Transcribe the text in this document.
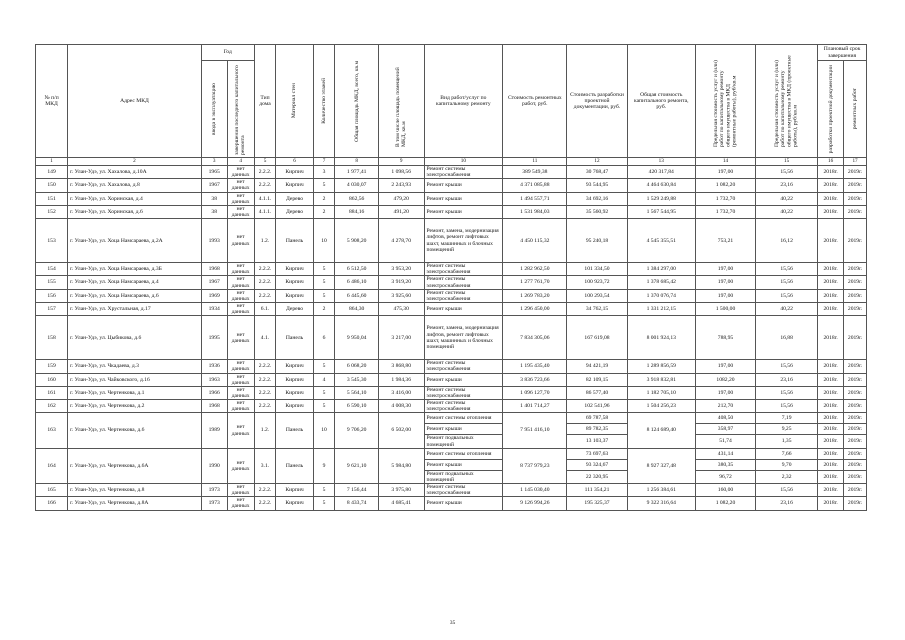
№ п/п МКД	Адрес МКД	Год		Тип дома	Материал стен	Количество этажей	Общая площадь МКД, всего, кв.м	В том числе площадь помещений МКД, кв.м	Вид работ/услуг по капитальному ремонту	Стоимость ремонтных работ, руб.	Стоимость разработки проектной документации, руб.	Общая стоимость капитального ремонта, руб.	Предельная стоимость услуг и (или) работ по капитальному ремонту общего имущества в МКД (ремонтные работы), руб/кв.м	Предельная стоимость услуг и (или) работ по капитальному ремонту общего имущества в МКД (проектные работы), руб/кв.м	Плановый срок завершения	

		ввода в эксплуатацию	завершения последнего капитального ремонта												разработки проектной документации	ремонтных работ

1	2	3	4	5	6	7	8	9	10	11	12	13	14	15	16	17
149	г. Улан-Удэ, ул. Хахалова, д.10А	1965	нет данных	2.2.2.	Кирпич	3	1 977,41	1 098,56	Ремонт системы электроснабжения	389 549,38	30 768,47	420 317,84	197,00	15,56	2018г.	2019г.
150	г. Улан-Удэ, ул. Хахалова, д.8	1967	нет данных	2.2.2.	Кирпич	5	4 030,07	2 243,93	Ремонт крыши	4 371 085,88	93 544,95	4 464 630,84	1 082,20	23,16	2018г.	2019г.
151	г. Улан-Удэ, ул. Хоринская, д.4	38	нет данных	4.1.1.	Дерево	2	862,56	479,20	Ремонт крыши	1 494 557,71	34 692,16	1 529 249,88	1 732,70	40,22	2018г.	2019г.
152	г. Улан-Удэ, ул. Хоринская, д.6	38	нет данных	4.1.1.	Дерево	2	884,16	491,20	Ремонт крыши	1 531 984,03	35 560,92	1 567 544,95	1 732,70	40,22	2018г.	2019г.
153	г. Улан-Удэ, ул. Хоца Намсараева, д.2А	1993	нет данных	1.2.	Панель	10	5 908,20	4 278,70	Ремонт, замена, модернизация лифтов, ремонт лифтовых шахт, машинных и блочных помещений	4 450 115,32	95 240,18	4 545 355,51	753,21	16,12	2018г.	2019г.
154	г. Улан-Удэ, ул. Хоца Намсараева, д.3Б	1968	нет данных	2.2.2.	Кирпич	5	6 512,50	3 953,20	Ремонт системы электроснабжения	1 282 962,50	101 334,50	1 384 297,00	197,00	15,56	2018г.	2019г.
155	г. Улан-Удэ, ул. Хоца Намсараева, д.4	1967	нет данных	2.2.2.	Кирпич	5	6 486,10	3 919,20	Ремонт системы электроснабжения	1 277 761,70	100 923,72	1 378 685,42	197,00	15,56	2018г.	2019г.
156	г. Улан-Удэ, ул. Хоца Намсараева, д.6	1969	нет данных	2.2.2.	Кирпич	5	6 445,60	3 925,60	Ремонт системы электроснабжения	1 269 783,20	100 293,54	1 370 076,74	197,00	15,56	2018г.	2019г.
157	г. Улан-Удэ, ул. Хрустальная, д.17	1934	нет данных	6.1.	Дерево	2	864,30	475,30	Ремонт крыши	1 296 450,00	34 762,15	1 331 212,15	1 500,00	40,22	2018г.	2019г.
158	г. Улан-Удэ, ул. Цыбикова, д.6	1995	нет данных	4.1.	Панель	6	9 950,04	3 217,00	Ремонт, замена, модернизация лифтов, ремонт лифтовых шахт, машинных и блочных помещений	7 834 305,06	167 619,08	8 001 924,13	788,95	16,88	2018г.	2019г.
159	г. Улан-Удэ, ул. Чкадаева, д.3	1936	нет данных	2.2.2.	Кирпич	5	6 068,20	3 868,80	Ремонт системы электроснабжения	1 195 435,40	94 421,19	1 289 856,59	197,00	15,56	2018г.	2019г.
160	г. Улан-Удэ, ул. Чайковского, д.16	1963	нет данных	2.2.2.	Кирпич	4	3 545,30	1 984,36	Ремонт крыши	3 836 723,66	82 109,15	3 918 832,81	1082,20	23,16	2018г.	2019г.
161	г. Улан-Удэ, ул. Чертенкова, д.1	1966	нет данных	2.2.2.	Кирпич	5	5 564,10	3 416,00	Ремонт системы электроснабжения	1 096 127,70	86 577,40	1 182 705,10	197,00	15,56	2018г.	2019г.
162	г. Улан-Удэ, ул. Чертенкова, д.2	1968	нет данных	2.2.2.	Кирпич	5	6 590,10	4 008,30	Ремонт системы электроснабжения	1 401 714,27	102 541,96	1 504 256,23	212,70	15,56	2018г.	2019г.
163	г. Улан-Удэ, ул. Чертенкова, д.6	1989	нет данных	1.2.	Панель	10	9 706,20	6 502,00	Ремонт системы отопления	7 951 416,10	69 787,58	8 124 689,40	408,50	7,19	2018г.	2019г.
									Ремонт крыши		89 782,35		358,97	9,25	2018г.	2019г.
									Ремонт подвальных помещений		13 103,37		51,74	1,35	2018г.	2019г.
164	г. Улан-Удэ, ул. Чертенкова, д.6А	1990	нет данных	3.1.	Панель	9	9 621,10	5 984,80	Ремонт системы отопления	8 737 979,23	73 697,63	8 927 327,48	431,14	7,66	2018г.	2019г.
									Ремонт крыши		93 324,67		380,35	9,70	2018г.	2019г.
									Ремонт подвальных помещений		22 320,95		96,72	2,32	2018г.	2019г.
165	г. Улан-Удэ, ул. Чертенкова, д.8	1973	нет данных	2.2.2.	Кирпич	5	7 156,44	3 975,80	Ремонт системы электроснабжения	1 145 030,40	111 354,21	1 256 384,61	160,00	15,56	2018г.	2019г.
166	г. Улан-Удэ, ул. Чертенкова, д.8А	1973	нет данных	2.2.2.	Кирпич	5	8 433,74	4 685,41	Ремонт крыши	9 126 994,26	195 325,37	9 322 316,64	1 082,20	23,16	2018г.	2019г.
35
